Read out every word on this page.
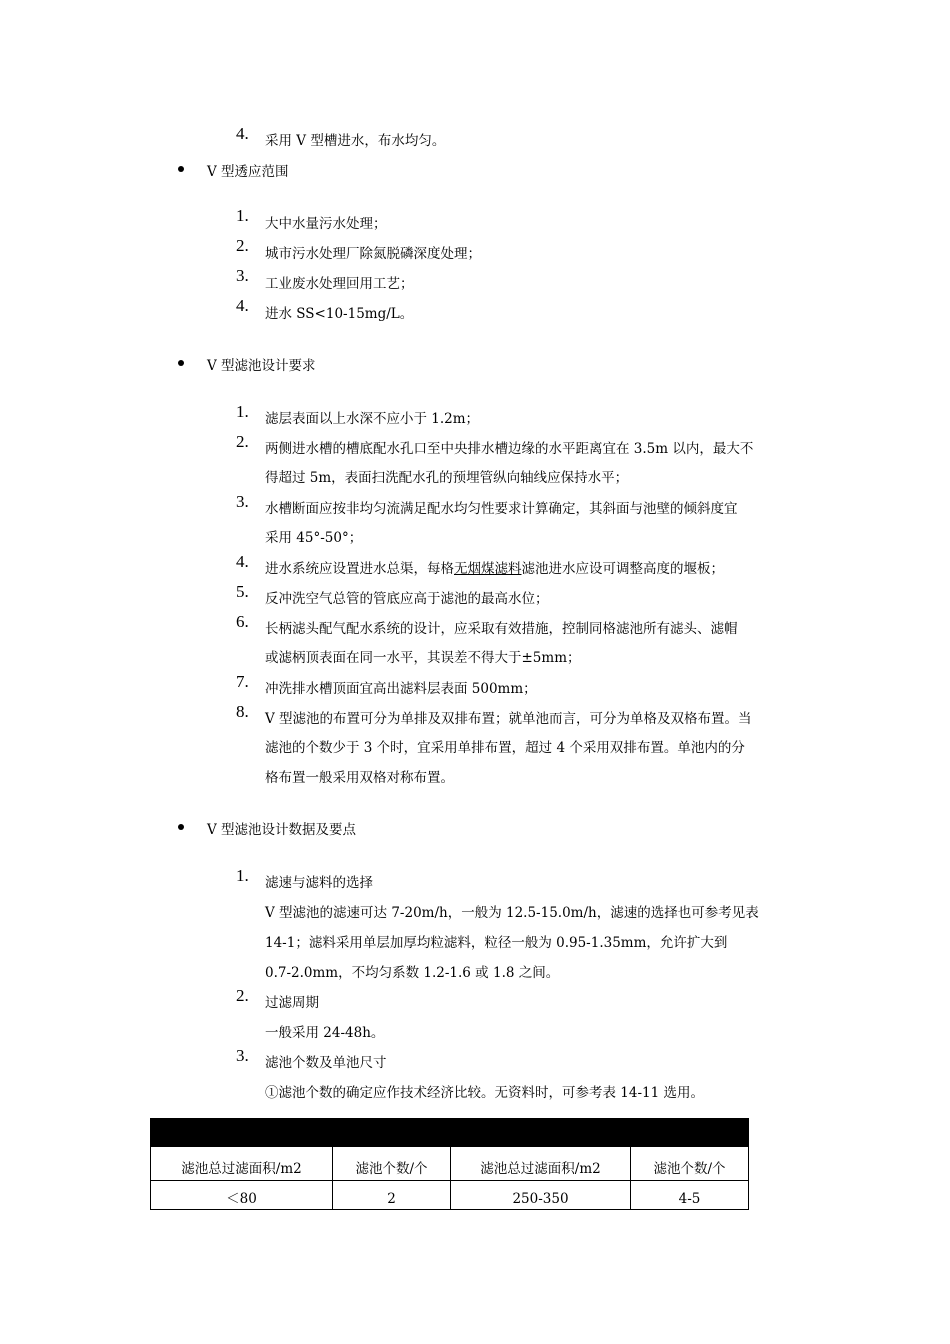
4. 采用 V 型槽进水，布水均匀。
V 型透应范围
1. 大中水量污水处理；
2. 城市污水处理厂除氮脱磷深度处理；
3. 工业废水处理回用工艺；
4. 进水 SS<10-15mg/L。
V 型滤池设计要求
1. 滤层表面以上水深不应小于 1.2m；
2. 两侧进水槽的槽底配水孔口至中央排水槽边缘的水平距离宜在 3.5m 以内，最大不
得超过 5m，表面扫洗配水孔的预埋管纵向轴线应保持水平；
3. 水槽断面应按非均匀流满足配水均匀性要求计算确定，其斜面与池壁的倾斜度宜
采用 45°-50°；
4. 进水系统应设置进水总渠，每格无烟煤滤料滤池进水应设可调整高度的堰板；
5. 反冲洗空气总管的管底应高于滤池的最高水位；
6. 长柄滤头配气配水系统的设计，应采取有效措施，控制同格滤池所有滤头、滤帽
或滤柄顶表面在同一水平，其误差不得大于±5mm；
7. 冲洗排水槽顶面宜高出滤料层表面 500mm；
8. V 型滤池的布置可分为单排及双排布置；就单池而言，可分为单格及双格布置。当
滤池的个数少于 3 个时，宜采用单排布置，超过 4 个采用双排布置。单池内的分
格布置一般采用双格对称布置。
V 型滤池设计数据及要点
1. 滤速与滤料的选择
V 型滤池的滤速可达 7-20m/h，一般为 12.5-15.0m/h，滤速的选择也可参考见表
14-1；滤料采用单层加厚均粒滤料，粒径一般为 0.95-1.35mm，允许扩大到
0.7-2.0mm，不均匀系数 1.2-1.6 或 1.8 之间。
2. 过滤周期
一般采用 24-48h。
3. 滤池个数及单池尺寸
①滤池个数的确定应作技术经济比较。无资料时，可参考表 14-11 选用。

滤池总过滤面积/m2	滤池个数/个	滤池总过滤面积/m2	滤池个数/个
＜80	2	250-350	4-5
